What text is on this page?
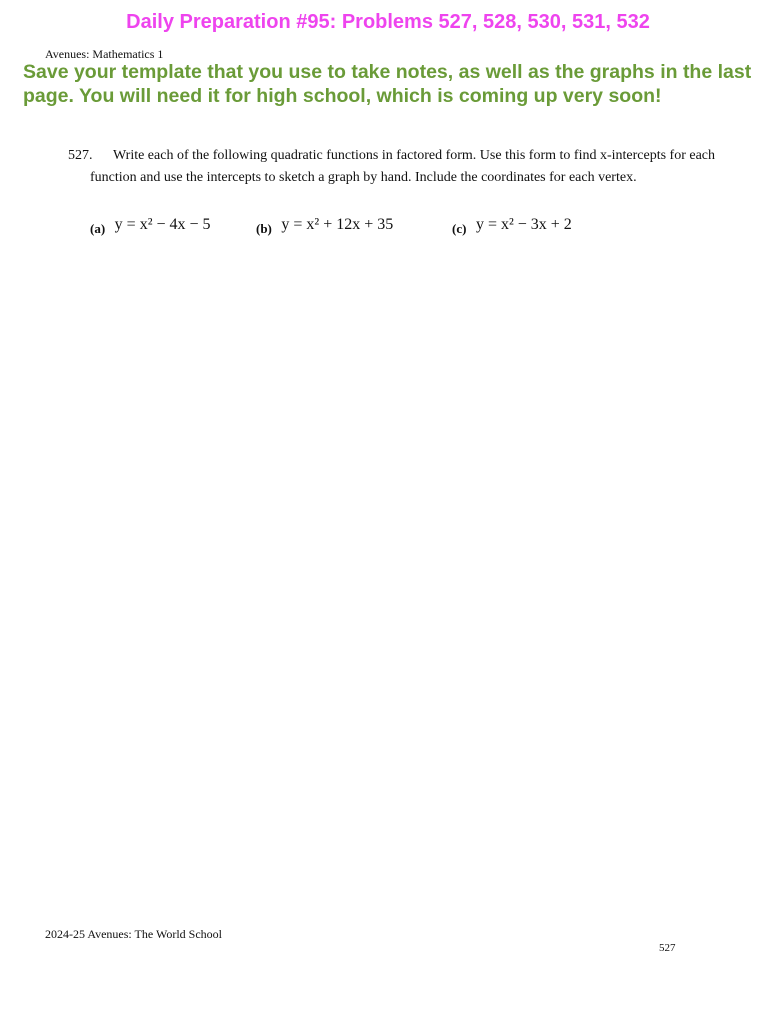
Daily Preparation #95: Problems 527, 528, 530, 531, 532
Avenues: Mathematics 1
Save your template that you use to take notes, as well as the graphs in the last page. You will need it for high school, which is coming up very soon!
527.	Write each of the following quadratic functions in factored form. Use this form to find x-intercepts for each function and use the intercepts to sketch a graph by hand. Include the coordinates for each vertex.
(a) y = x² − 4x − 5	(b) y = x² + 12x + 35	(c) y = x² − 3x + 2
2024-25 Avenues: The World School
527
